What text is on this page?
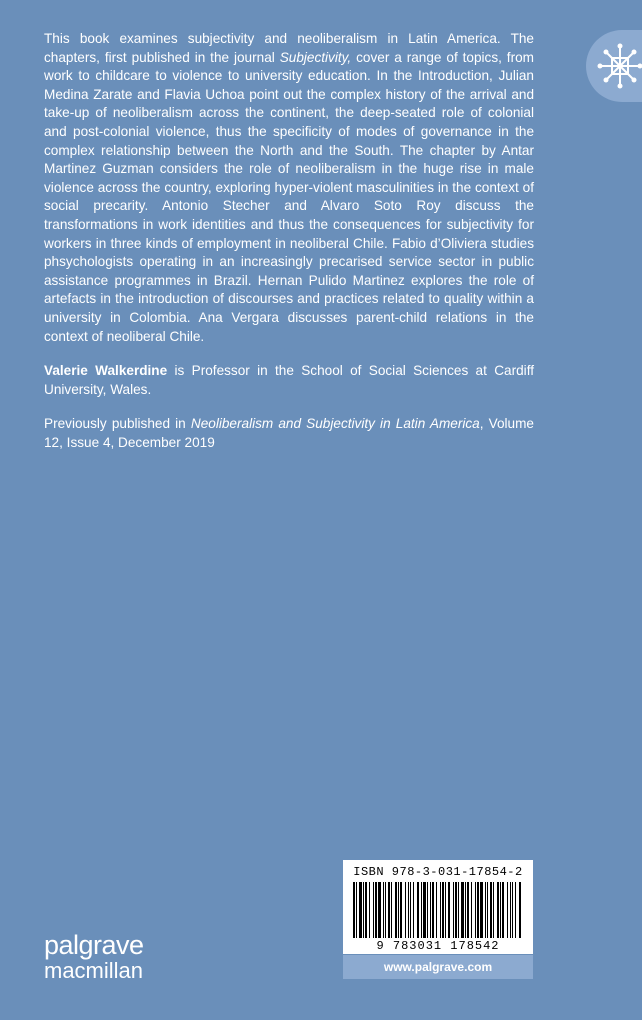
This book examines subjectivity and neoliberalism in Latin America. The chapters, first published in the journal Subjectivity, cover a range of topics, from work to childcare to violence to university education. In the Introduction, Julian Medina Zarate and Flavia Uchoa point out the complex history of the arrival and take-up of neoliberalism across the continent, the deep-seated role of colonial and post-colonial violence, thus the specificity of modes of governance in the complex relationship between the North and the South. The chapter by Antar Martinez Guzman considers the role of neoliberalism in the huge rise in male violence across the country, exploring hyper-violent masculinities in the context of social precarity. Antonio Stecher and Alvaro Soto Roy discuss the transformations in work identities and thus the consequences for subjectivity for workers in three kinds of employment in neoliberal Chile. Fabio d’Oliviera studies phsychologists operating in an increasingly precarised service sector in public assistance programmes in Brazil. Hernan Pulido Martinez explores the role of artefacts in the introduction of discourses and practices related to quality within a university in Colombia. Ana Vergara discusses parent-child relations in the context of neoliberal Chile.

Valerie Walkerdine is Professor in the School of Social Sciences at Cardiff University, Wales.

Previously published in Neoliberalism and Subjectivity in Latin America, Volume 12, Issue 4, December 2019

palgrave
macmillan
ISBN 978-3-031-17854-2
9 783031 178542
www.palgrave.com
